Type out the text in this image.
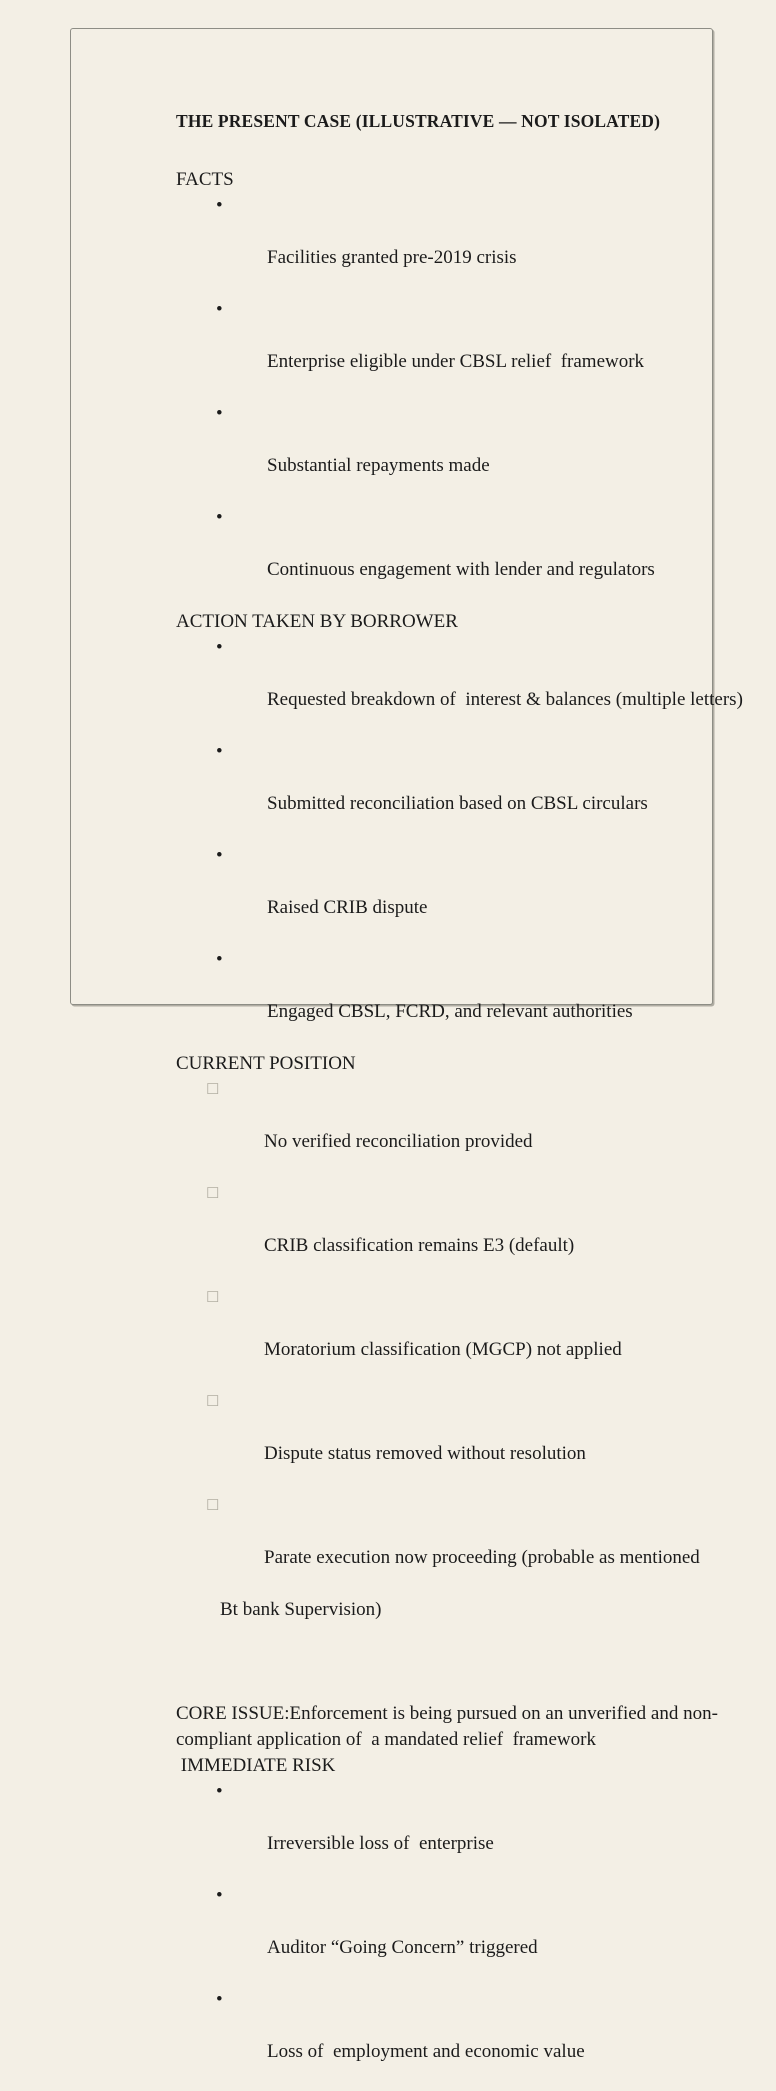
THE PRESENT CASE (ILLUSTRATIVE — NOT ISOLATED)
FACTS

•

Facilities granted pre-2019 crisis

•

Enterprise eligible under CBSL relief  framework

•

Substantial repayments made

•

Continuous engagement with lender and regulators

ACTION TAKEN BY BORROWER

•

Requested breakdown of  interest & balances (multiple letters)

•

Submitted reconciliation based on CBSL circulars

•

Raised CRIB dispute

•

Engaged CBSL, FCRD, and relevant authorities

CURRENT POSITION

☐

No verified reconciliation provided

☐

CRIB classification remains E3 (default)

☐

Moratorium classification (MGCP) not applied

☐

Dispute status removed without resolution

☐

Parate execution now proceeding (probable as mentioned

Bt bank Supervision)

CORE ISSUE:Enforcement is being pursued on an unverified and non-compliant application of  a mandated relief  framework

IMMEDIATE RISK

•

Irreversible loss of  enterprise

•

Auditor “Going Concern” triggered

•

Loss of  employment and economic value
